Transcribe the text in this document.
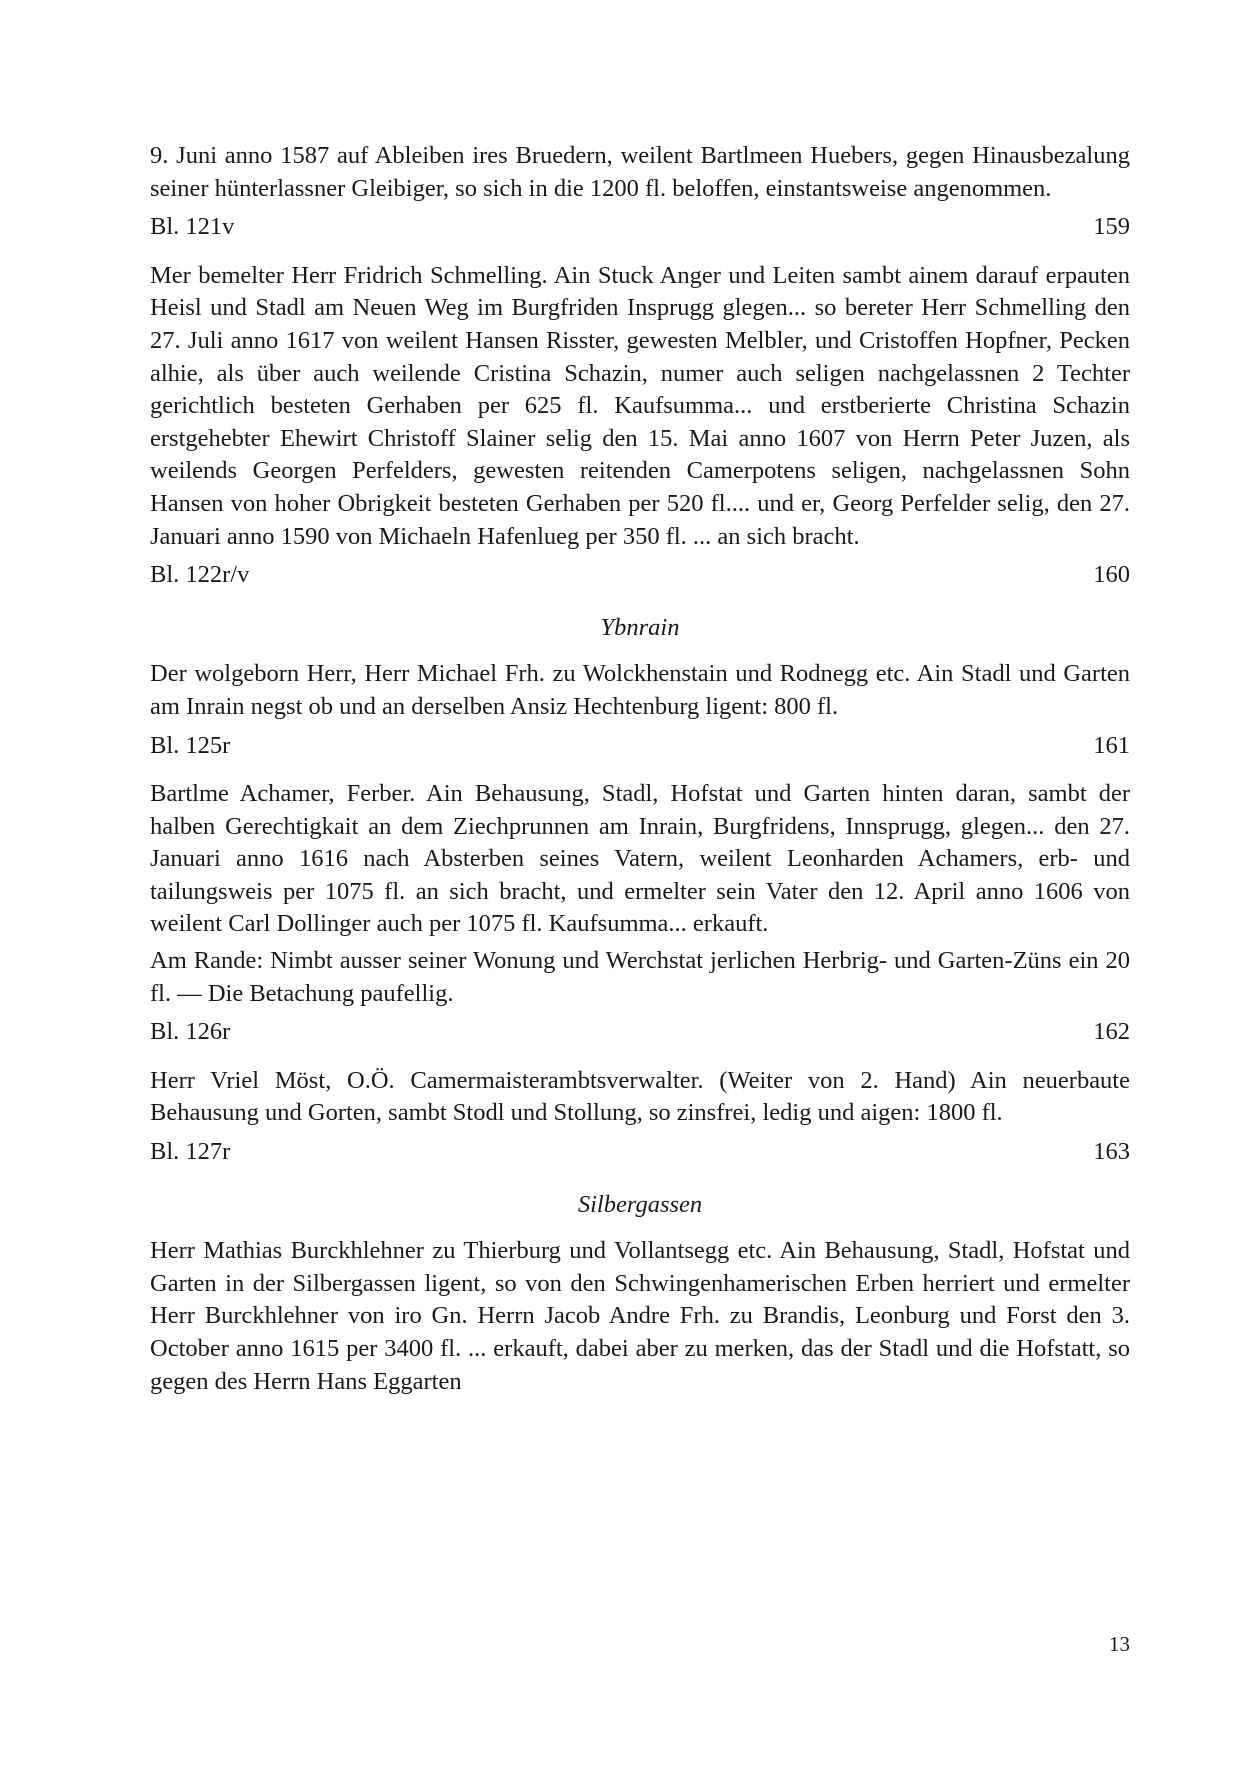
9. Juni anno 1587 auf Ableiben ires Bruedern, weilent Bartlmeen Huebers, gegen Hinausbezalung seiner hünterlassner Gleibiger, so sich in die 1200 fl. beloffen, einstantsweise angenommen.

Bl. 121v	159

Mer bemelter Herr Fridrich Schmelling. Ain Stuck Anger und Leiten sambt ainem darauf erpauten Heisl und Stadl am Neuen Weg im Burgfriden Insprugg glegen... so bereter Herr Schmelling den 27. Juli anno 1617 von weilent Hansen Risster, gewesten Melbler, und Cristoffen Hopfner, Pecken alhie, als über auch weilende Cristina Schazin, numer auch seligen nachgelassnen 2 Techter gerichtlich besteten Gerhaben per 625 fl. Kaufsumma... und erstberierte Christina Schazin erstgehebter Ehewirt Christoff Slainer selig den 15. Mai anno 1607 von Herrn Peter Juzen, als weilends Georgen Perfelders, gewesten reitenden Camerpotens seligen, nachgelassnen Sohn Hansen von hoher Obrigkeit besteten Gerhaben per 520 fl.... und er, Georg Perfelder selig, den 27. Januari anno 1590 von Michaeln Hafenlueg per 350 fl. ... an sich bracht.

Bl. 122r/v	160
Ybnrain

Der wolgeborn Herr, Herr Michael Frh. zu Wolckhenstain und Rodnegg etc. Ain Stadl und Garten am Inrain negst ob und an derselben Ansiz Hechtenburg ligent: 800 fl.

Bl. 125r	161

Bartlme Achamer, Ferber. Ain Behausung, Stadl, Hofstat und Garten hinten daran, sambt der halben Gerechtigkait an dem Ziechprunnen am Inrain, Burgfridens, Innsprugg, glegen... den 27. Januari anno 1616 nach Absterben seines Vatern, weilent Leonharden Achamers, erb- und tailungsweis per 1075 fl. an sich bracht, und ermelter sein Vater den 12. April anno 1606 von weilent Carl Dollinger auch per 1075 fl. Kaufsumma... erkauft.

Am Rande: Nimbt ausser seiner Wonung und Werchstat jerlichen Herbrig- und Garten-Züns ein 20 fl. — Die Betachung paufellig.

Bl. 126r	162

Herr Vriel Möst, O.Ö. Camermaisterambtsverwalter. (Weiter von 2. Hand) Ain neuerbaute Behausung und Gorten, sambt Stodl und Stollung, so zinsfrei, ledig und aigen: 1800 fl.

Bl. 127r	163
Silbergassen

Herr Mathias Burckhlehner zu Thierburg und Vollantsegg etc. Ain Behausung, Stadl, Hofstat und Garten in der Silbergassen ligent, so von den Schwingenhamerischen Erben herriert und ermelter Herr Burckhlehner von iro Gn. Herrn Jacob Andre Frh. zu Brandis, Leonburg und Forst den 3. October anno 1615 per 3400 fl. ... erkauft, dabei aber zu merken, das der Stadl und die Hofstatt, so gegen des Herrn Hans Eggarten

13
